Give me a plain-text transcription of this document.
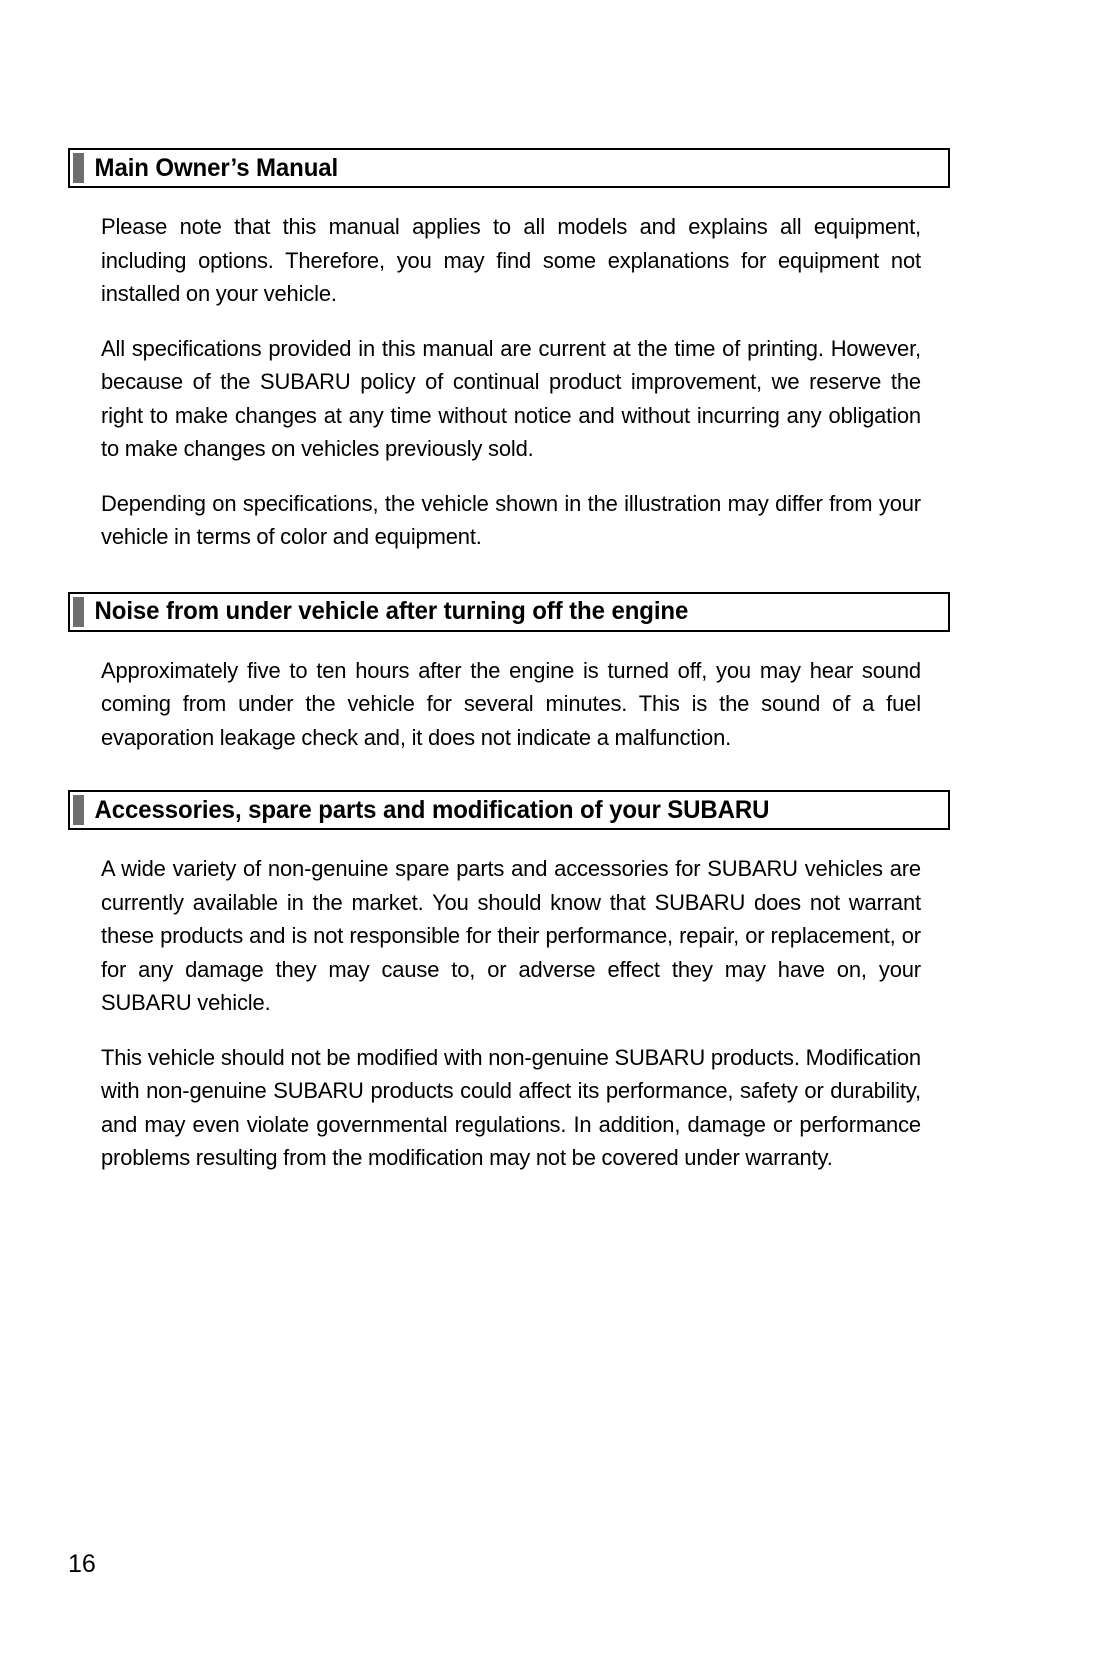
Main Owner’s Manual

Please note that this manual applies to all models and explains all equipment, including options. Therefore, you may find some explanations for equipment not installed on your vehicle.

All specifications provided in this manual are current at the time of printing. However, because of the SUBARU policy of continual product improvement, we reserve the right to make changes at any time without notice and without incurring any obligation to make changes on vehicles previously sold.

Depending on specifications, the vehicle shown in the illustration may differ from your vehicle in terms of color and equipment.

Noise from under vehicle after turning off the engine

Approximately five to ten hours after the engine is turned off, you may hear sound coming from under the vehicle for several minutes. This is the sound of a fuel evaporation leakage check and, it does not indicate a malfunction.

Accessories, spare parts and modification of your SUBARU

A wide variety of non-genuine spare parts and accessories for SUBARU vehicles are currently available in the market. You should know that SUBARU does not warrant these products and is not responsible for their performance, repair, or replacement, or for any damage they may cause to, or adverse effect they may have on, your SUBARU vehicle.

This vehicle should not be modified with non-genuine SUBARU products. Modification with non-genuine SUBARU products could affect its performance, safety or durability, and may even violate governmental regulations. In addition, damage or performance problems resulting from the modification may not be covered under warranty.

16
